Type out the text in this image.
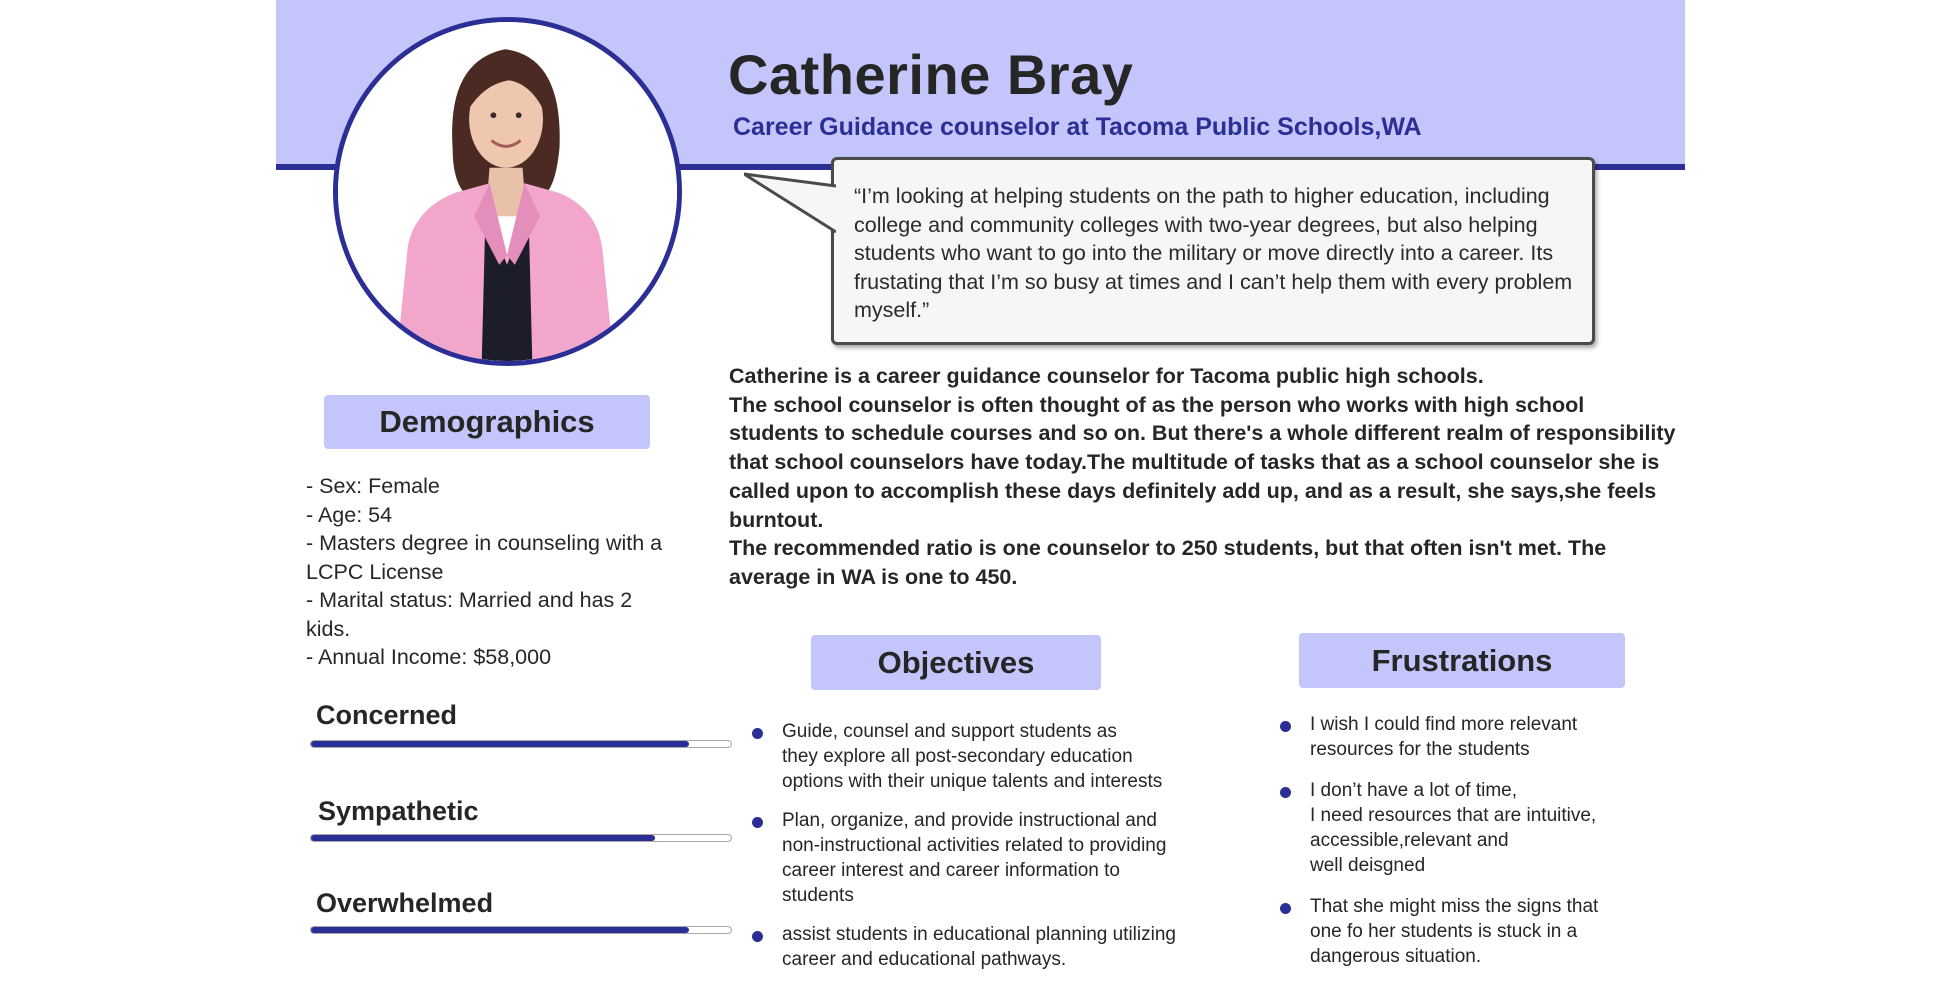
Catherine Bray
Career Guidance counselor at Tacoma Public Schools,WA

“I’m looking at helping students on the path to higher education, including college and community colleges with two-year degrees, but also helping students who want to go into the military or move directly into a career. Its frustating that I’m so busy at times and I can’t help them with every problem myself.”

Catherine is a career guidance counselor for Tacoma public high schools.

The school counselor is often thought of as the person who works with high school students to schedule courses and so on. But there's a whole different realm of responsibility that school counselors have today.The multitude of tasks that as a school counselor she is called upon to accomplish these days definitely add up, and as a result, she says,she feels burntout.

The recommended ratio is one counselor to 250 students, but that often isn't met. The average in WA is one to 450.

Demographics
- Sex: Female
- Age: 54
- Masters degree in counseling with a LCPC License
- Marital status: Married and has 2 kids.
- Annual Income: $58,000

Concerned

Sympathetic

Overwhelmed

Objectives
Guide, counsel and support students as
they explore all post-secondary education
options with their unique talents and interests
Plan, organize, and provide instructional and
non-instructional activities related to providing
career interest and career information to
students
assist students in educational planning utilizing
career and educational pathways.
Frustrations
I wish I could find more relevant
resources for the students
I don’t have a lot of time,
I need resources that are intuitive,
accessible,relevant and
well deisgned
That she might miss the signs that
one fo her students is stuck in a
dangerous situation.
